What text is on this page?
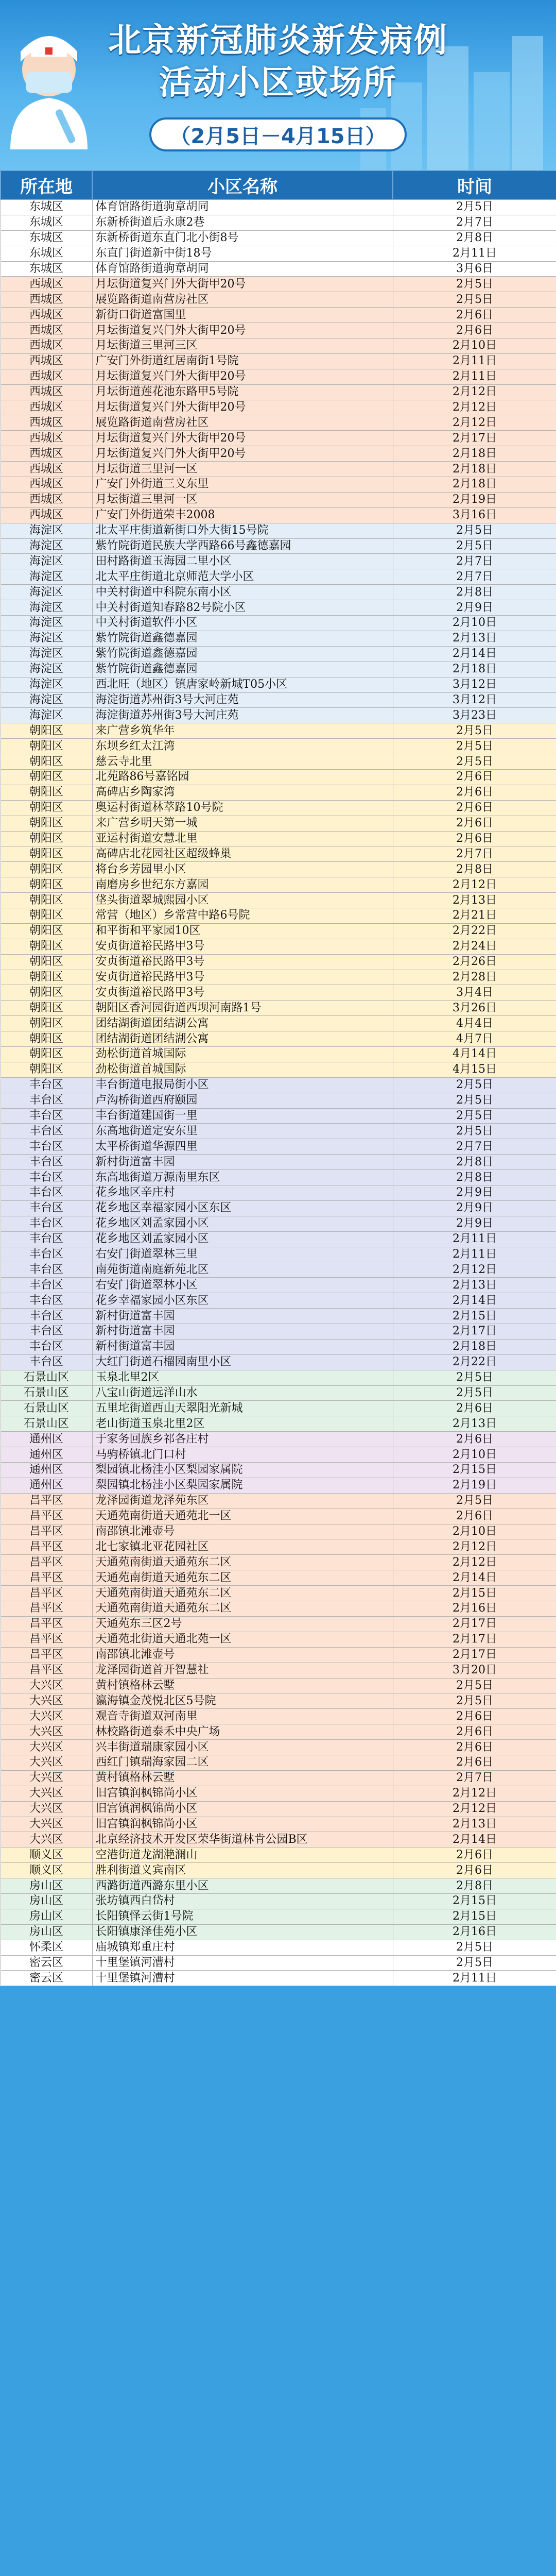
北京新冠肺炎新发病例
活动小区或场所
（2月5日－4月15日）
所在地	小区名称	时间
东城区	体育馆路街道驹章胡同	2月5日
东城区	东新桥街道后永康2巷	2月7日
东城区	东新桥街道东直门北小街8号	2月8日
东城区	东直门街道新中街18号	2月11日
东城区	体育馆路街道驹章胡同	3月6日
西城区	月坛街道复兴门外大街甲20号	2月5日
西城区	展览路街道南营房社区	2月5日
西城区	新街口街道富国里	2月6日
西城区	月坛街道复兴门外大街甲20号	2月6日
西城区	月坛街道三里河三区	2月10日
西城区	广安门外街道红居南街1号院	2月11日
西城区	月坛街道复兴门外大街甲20号	2月11日
西城区	月坛街道莲花池东路甲5号院	2月12日
西城区	月坛街道复兴门外大街甲20号	2月12日
西城区	展览路街道南营房社区	2月12日
西城区	月坛街道复兴门外大街甲20号	2月17日
西城区	月坛街道复兴门外大街甲20号	2月18日
西城区	月坛街道三里河一区	2月18日
西城区	广安门外街道三义东里	2月18日
西城区	月坛街道三里河一区	2月19日
西城区	广安门外街道荣丰2008	3月16日
海淀区	北太平庄街道新街口外大街15号院	2月5日
海淀区	紫竹院街道民族大学西路66号鑫德嘉园	2月5日
海淀区	田村路街道玉海园二里小区	2月7日
海淀区	北太平庄街道北京师范大学小区	2月7日
海淀区	中关村街道中科院东南小区	2月8日
海淀区	中关村街道知春路82号院小区	2月9日
海淀区	中关村街道软件小区	2月10日
海淀区	紫竹院街道鑫德嘉园	2月13日
海淀区	紫竹院街道鑫德嘉园	2月14日
海淀区	紫竹院街道鑫德嘉园	2月18日
海淀区	西北旺（地区）镇唐家岭新城T05小区	3月12日
海淀区	海淀街道苏州街3号大河庄苑	3月12日
海淀区	海淀街道苏州街3号大河庄苑	3月23日
朝阳区	来广营乡筑华年	2月5日
朝阳区	东坝乡红太江湾	2月5日
朝阳区	慈云寺北里	2月5日
朝阳区	北苑路86号嘉铭园	2月6日
朝阳区	高碑店乡陶家湾	2月6日
朝阳区	奥运村街道林萃路10号院	2月6日
朝阳区	来广营乡明天第一城	2月6日
朝阳区	亚运村街道安慧北里	2月6日
朝阳区	高碑店北花园社区超级蜂巢	2月7日
朝阳区	将台乡芳园里小区	2月8日
朝阳区	南磨房乡世纪东方嘉园	2月12日
朝阳区	垡头街道翠城熙园小区	2月13日
朝阳区	常营（地区）乡常营中路6号院	2月21日
朝阳区	和平街和平家园10区	2月22日
朝阳区	安贞街道裕民路甲3号	2月24日
朝阳区	安贞街道裕民路甲3号	2月26日
朝阳区	安贞街道裕民路甲3号	2月28日
朝阳区	安贞街道裕民路甲3号	3月4日
朝阳区	朝阳区香河园街道西坝河南路1号	3月26日
朝阳区	团结湖街道团结湖公寓	4月4日
朝阳区	团结湖街道团结湖公寓	4月7日
朝阳区	劲松街道首城国际	4月14日
朝阳区	劲松街道首城国际	4月15日
丰台区	丰台街道电报局街小区	2月5日
丰台区	卢沟桥街道西府颐园	2月5日
丰台区	丰台街道建国街一里	2月5日
丰台区	东高地街道定安东里	2月5日
丰台区	太平桥街道华源四里	2月7日
丰台区	新村街道富丰园	2月8日
丰台区	东高地街道万源南里东区	2月8日
丰台区	花乡地区辛庄村	2月9日
丰台区	花乡地区幸福家园小区东区	2月9日
丰台区	花乡地区刘孟家园小区	2月9日
丰台区	花乡地区刘孟家园小区	2月11日
丰台区	右安门街道翠林三里	2月11日
丰台区	南苑街道南庭新苑北区	2月12日
丰台区	右安门街道翠林小区	2月13日
丰台区	花乡幸福家园小区东区	2月14日
丰台区	新村街道富丰园	2月15日
丰台区	新村街道富丰园	2月17日
丰台区	新村街道富丰园	2月18日
丰台区	大红门街道石榴园南里小区	2月22日
石景山区	玉泉北里2区	2月5日
石景山区	八宝山街道远洋山水	2月5日
石景山区	五里坨街道西山天翠阳光新城	2月6日
石景山区	老山街道玉泉北里2区	2月13日
通州区	于家务回族乡祁各庄村	2月6日
通州区	马驹桥镇北门口村	2月10日
通州区	梨园镇北杨洼小区梨园家属院	2月15日
通州区	梨园镇北杨洼小区梨园家属院	2月19日
昌平区	龙泽园街道龙泽苑东区	2月5日
昌平区	天通苑南街道天通苑北一区	2月6日
昌平区	南邵镇北滩壶号	2月10日
昌平区	北七家镇北亚花园社区	2月12日
昌平区	天通苑南街道天通苑东二区	2月12日
昌平区	天通苑南街道天通苑东二区	2月14日
昌平区	天通苑南街道天通苑东二区	2月15日
昌平区	天通苑南街道天通苑东二区	2月16日
昌平区	天通苑东三区2号	2月17日
昌平区	天通苑北街道天通北苑一区	2月17日
昌平区	南邵镇北滩壶号	2月17日
昌平区	龙泽园街道首开智慧社	3月20日
大兴区	黄村镇格林云墅	2月5日
大兴区	瀛海镇金茂悦北区5号院	2月5日
大兴区	观音寺街道双河南里	2月6日
大兴区	林校路街道泰禾中央广场	2月6日
大兴区	兴丰街道瑞康家园小区	2月6日
大兴区	西红门镇瑞海家园二区	2月6日
大兴区	黄村镇格林云墅	2月7日
大兴区	旧宫镇润枫锦尚小区	2月12日
大兴区	旧宫镇润枫锦尚小区	2月12日
大兴区	旧宫镇润枫锦尚小区	2月13日
大兴区	北京经济技术开发区荣华街道林肯公园B区	2月14日
顺义区	空港街道龙湖滟澜山	2月6日
顺义区	胜利街道义宾南区	2月6日
房山区	西潞街道西潞东里小区	2月8日
房山区	张坊镇西白岱村	2月15日
房山区	长阳镇怿云街1号院	2月15日
房山区	长阳镇康泽佳苑小区	2月16日
怀柔区	庙城镇郑重庄村	2月5日
密云区	十里堡镇河漕村	2月5日
密云区	十里堡镇河漕村	2月11日
